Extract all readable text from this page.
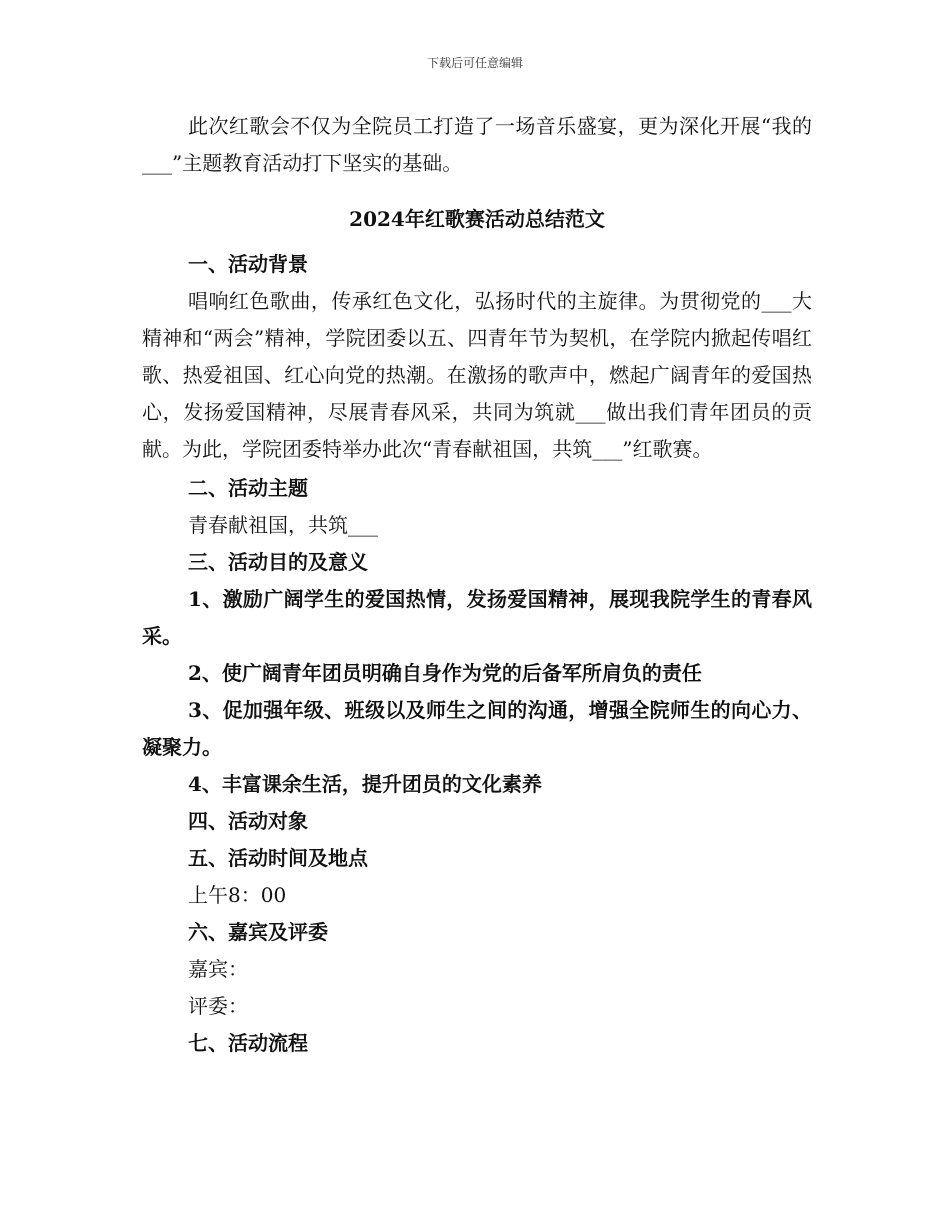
下载后可任意编辑

此次红歌会不仅为全院员工打造了一场音乐盛宴，更为深化开展“我的___”主题教育活动打下坚实的基础。

2024年红歌赛活动总结范文

一、活动背景

唱响红色歌曲，传承红色文化，弘扬时代的主旋律。为贯彻党的___大精神和“两会”精神，学院团委以五、四青年节为契机，在学院内掀起传唱红歌、热爱祖国、红心向党的热潮。在激扬的歌声中，燃起广阔青年的爱国热心，发扬爱国精神，尽展青春风采，共同为筑就___做出我们青年团员的贡献。为此，学院团委特举办此次“青春献祖国，共筑___”红歌赛。

二、活动主题

青春献祖国，共筑___

三、活动目的及意义

1、激励广阔学生的爱国热情，发扬爱国精神，展现我院学生的青春风采。

2、使广阔青年团员明确自身作为党的后备军所肩负的责任

3、促加强年级、班级以及师生之间的沟通，增强全院师生的向心力、凝聚力。

4、丰富课余生活，提升团员的文化素养

四、活动对象

五、活动时间及地点

上午8：00

六、嘉宾及评委

嘉宾：

评委：

七、活动流程
